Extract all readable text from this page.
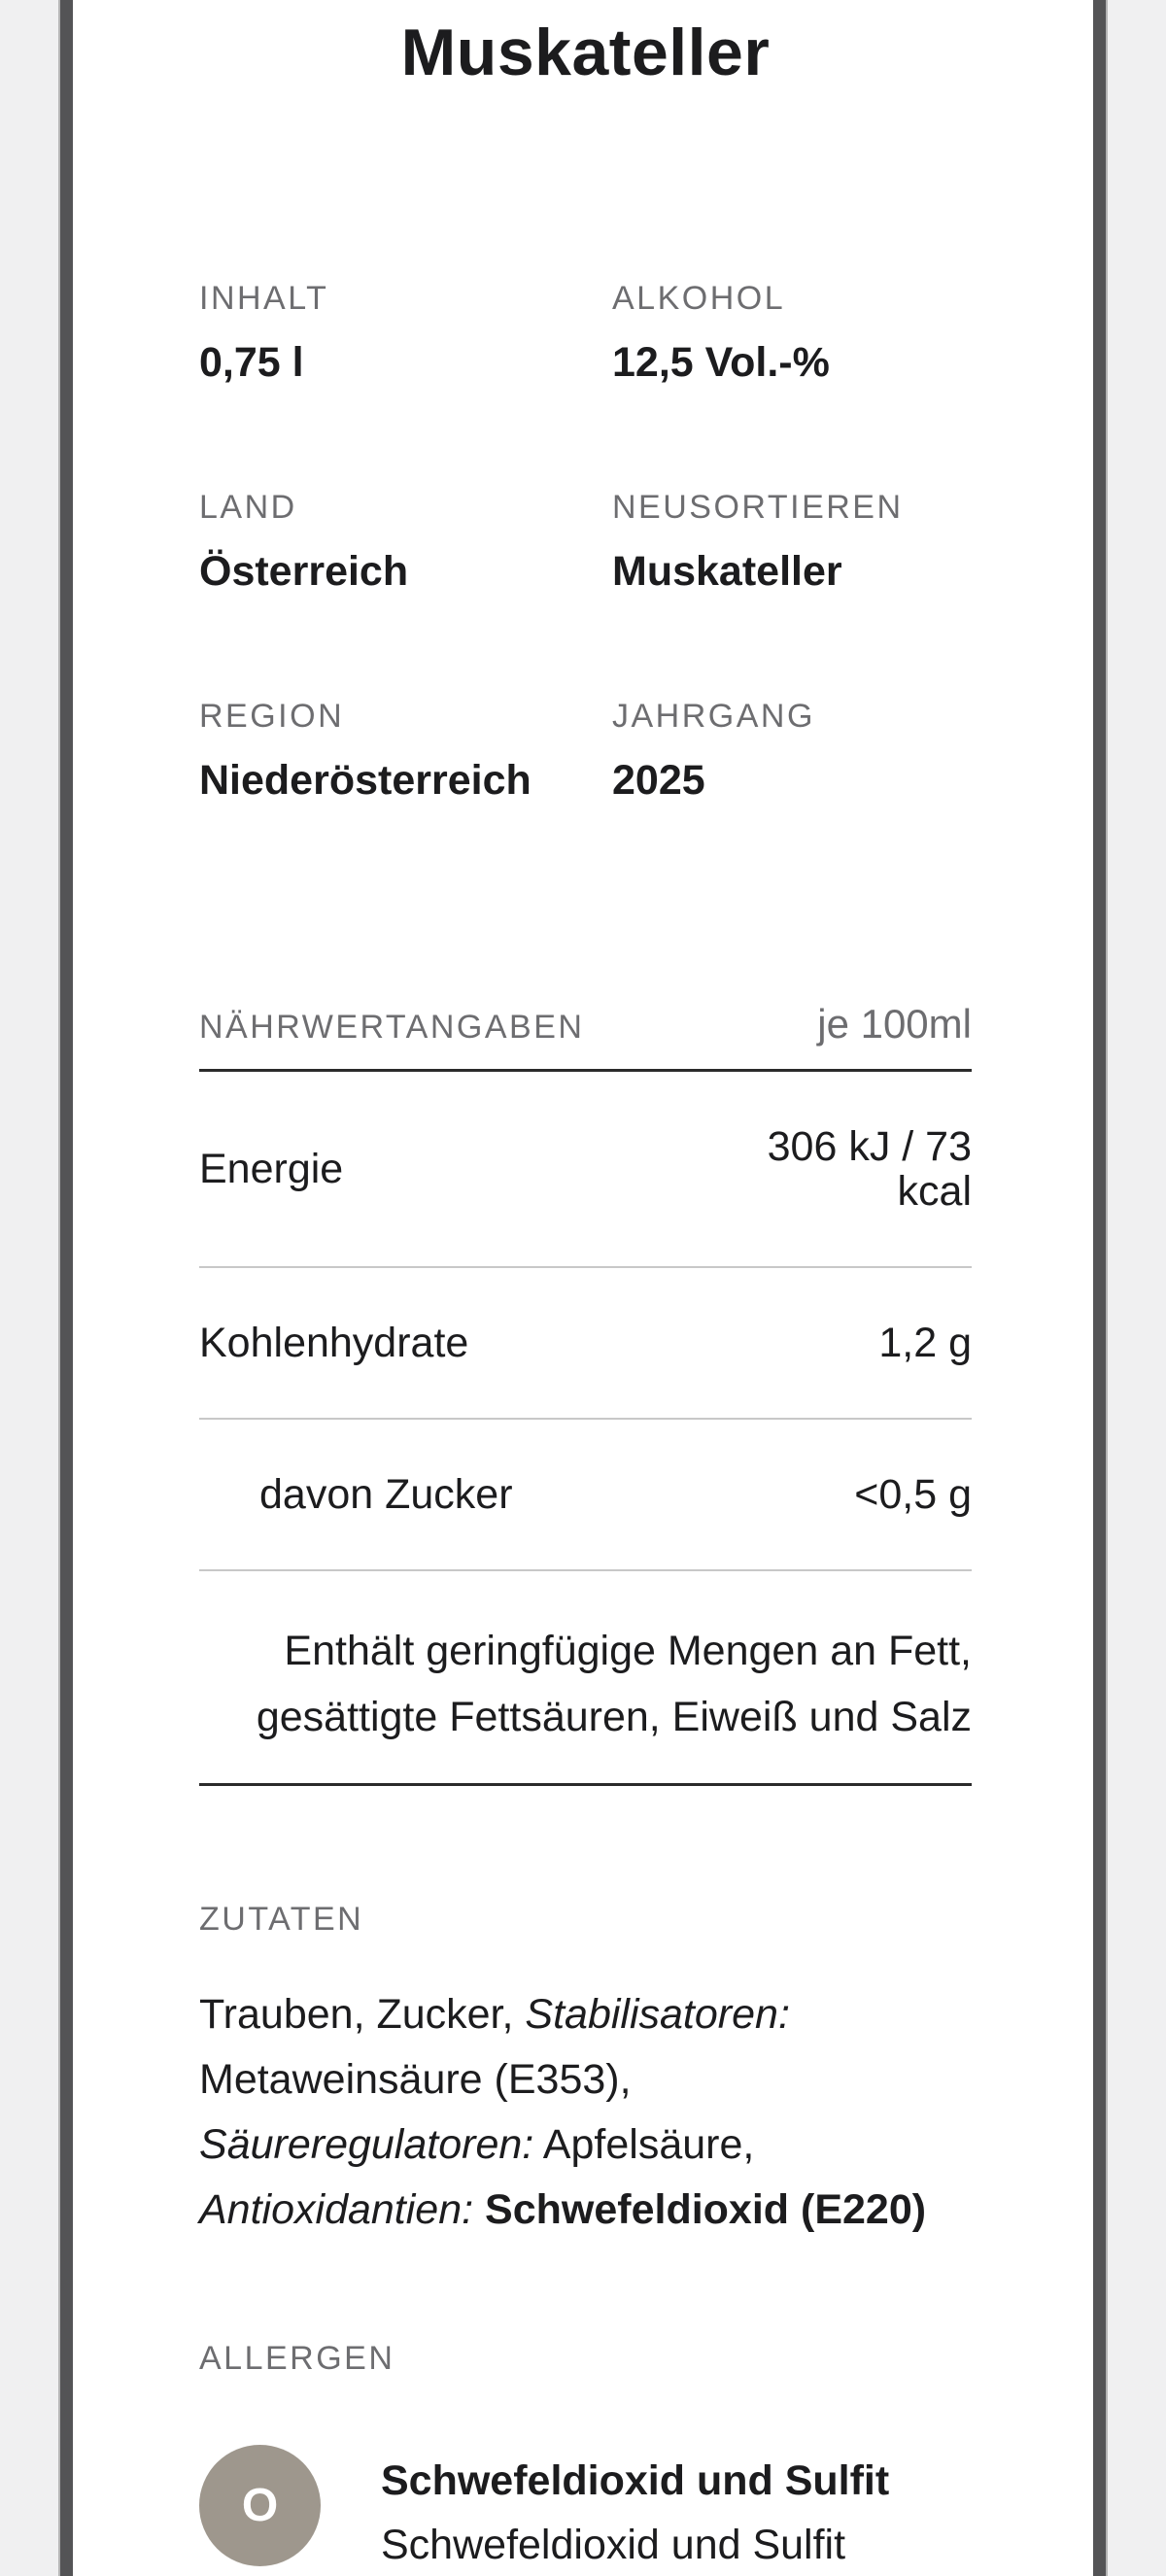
Muskateller
INHALT
0,75 l
ALKOHOL
12,5 Vol.-%
LAND
Österreich
NEUSORTIEREN
Muskateller
REGION
Niederösterreich
JAHRGANG
2025
NÄHRWERTANGABEN	je 100ml
Energie	306 kJ / 73
kcal
Kohlenhydrate	1,2 g
davon Zucker	<0,5 g
Enthält geringfügige Mengen an Fett,
gesättigte Fettsäuren, Eiweiß und Salz
ZUTATEN
Trauben, Zucker, Stabilisatoren:
Metaweinsäure (E353),
Säureregulatoren: Apfelsäure,
Antioxidantien: Schwefeldioxid (E220)
ALLERGEN
O	Schwefeldioxid und Sulfit
Schwefeldioxid und Sulfit
